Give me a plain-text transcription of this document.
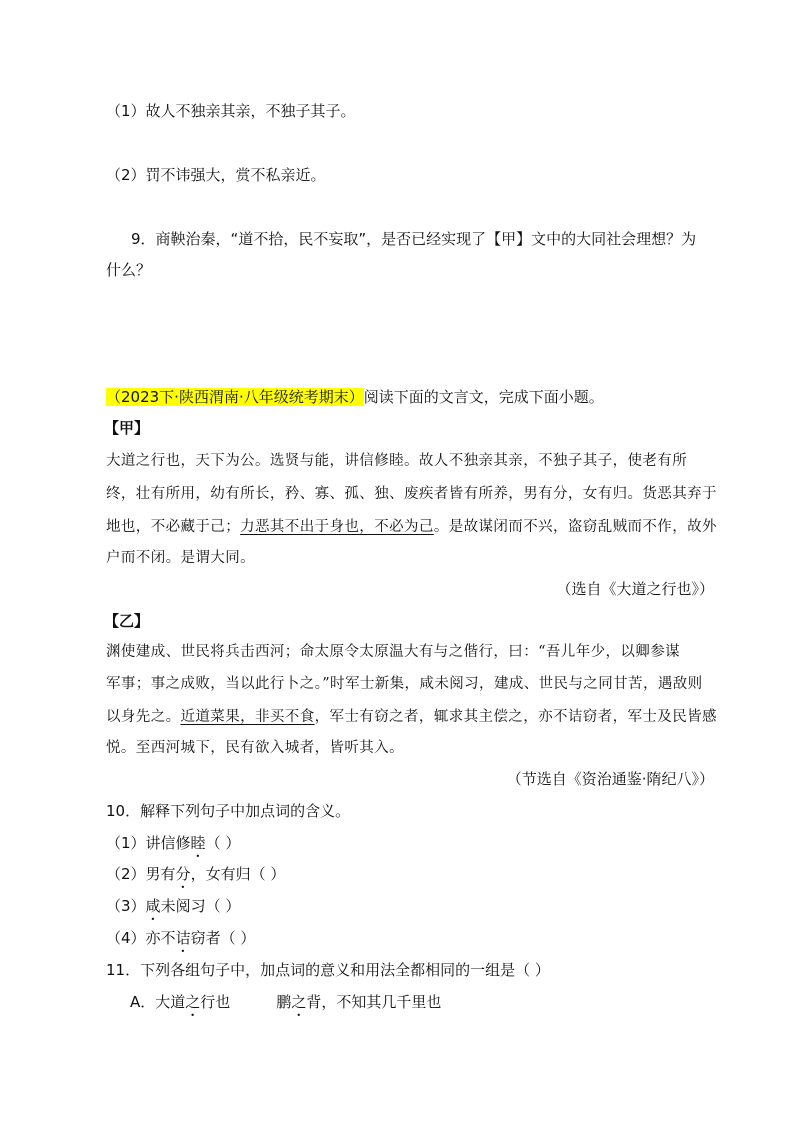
（1）故人不独亲其亲，不独子其子。
（2）罚不讳强大，赏不私亲近。
9．商鞅治秦，“道不拾，民不妄取”，是否已经实现了【甲】文中的大同社会理想？为
什么？
（2023下·陕西渭南·八年级统考期末）阅读下面的文言文，完成下面小题。
【甲】
大道之行也，天下为公。选贤与能，讲信修睦。故人不独亲其亲，不独子其子，使老有所
终，壮有所用，幼有所长，矜、寡、孤、独、废疾者皆有所养，男有分，女有归。货恶其弃于
地也，不必藏于己；力恶其不出于身也，不必为己。是故谋闭而不兴，盗窃乱贼而不作，故外
户而不闭。是谓大同。
（选自《大道之行也》）
【乙】
渊使建成、世民将兵击西河；命太原令太原温大有与之偕行，曰：“吾儿年少，以卿参谋
军事；事之成败，当以此行卜之。”时军士新集，咸未阅习，建成、世民与之同甘苦，遇敌则
以身先之。近道菜果，非买不食，军士有窃之者，辄求其主偿之，亦不诘窃者，军士及民皆感
悦。至西河城下，民有欲入城者，皆听其入。
（节选自《资治通鉴·隋纪八》）
10．解释下列句子中加点词的含义。
（1）讲信修睦（ ）
（2）男有分，女有归（ ）
（3）咸未阅习（ ）
（4）亦不诘窃者（ ）
11．下列各组句子中，加点词的意义和用法全都相同的一组是（ ）
A．大道之行也	鹏之背，不知其几千里也
